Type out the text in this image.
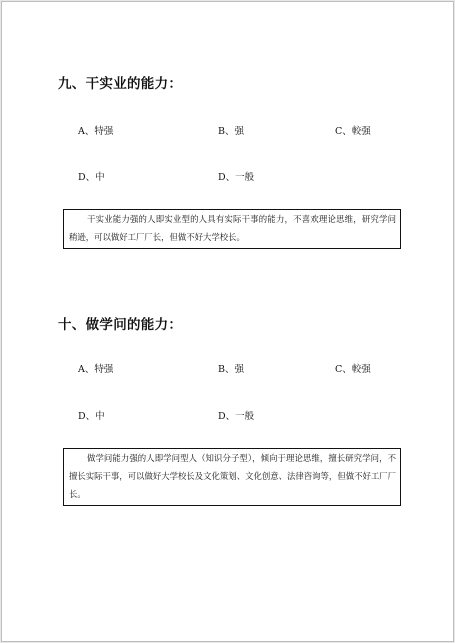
九、干实业的能力：
A、特强	B、强	C、較强
D、中	D、一般
干实业能力强的人即实业型的人具有实际干事的能力，不喜欢理论思维，研究学问稍逊，可以做好工厂厂长，但做不好大学校长。
十、做学问的能力：
A、特强	B、强	C、較强
D、中	D、一般
做学问能力强的人即学问型人（知识分子型），倾向于理论思维，擅长研究学问，不擅长实际干事，可以做好大学校长及文化策划、文化创意、法律咨询等，但做不好工厂厂长。
